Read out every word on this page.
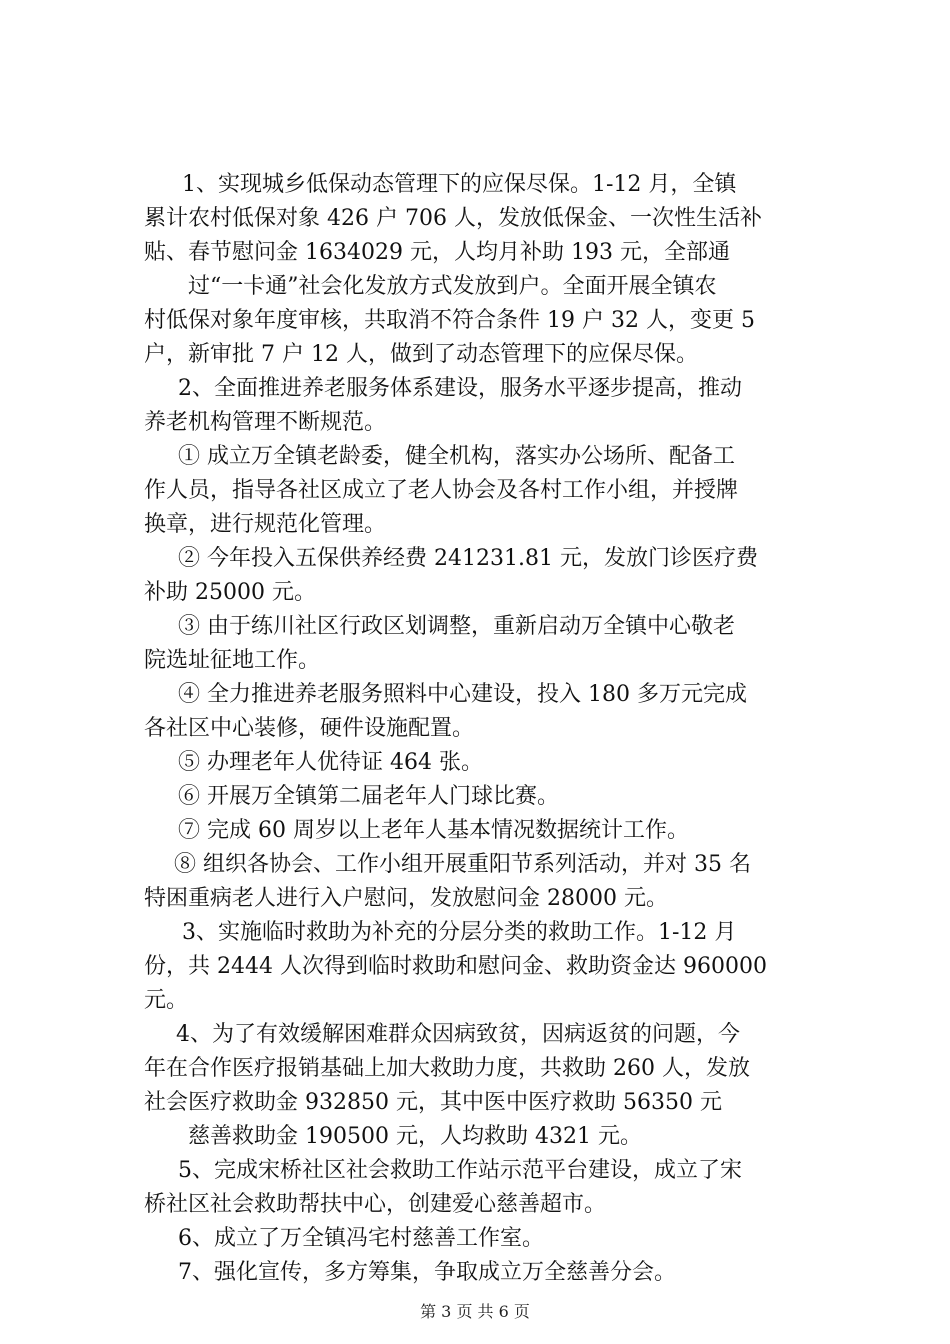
1、实现城乡低保动态管理下的应保尽保。1-12 月，全镇
累计农村低保对象 426 户 706 人，发放低保金、一次性生活补
贴、春节慰问金 1634029 元，人均月补助 193 元，全部通
过“一卡通”社会化发放方式发放到户。全面开展全镇农
村低保对象年度审核，共取消不符合条件 19 户 32 人，变更 5
户，新审批 7 户 12 人，做到了动态管理下的应保尽保。
2、全面推进养老服务体系建设，服务水平逐步提高，推动
养老机构管理不断规范。
① 成立万全镇老龄委，健全机构，落实办公场所、配备工
作人员，指导各社区成立了老人协会及各村工作小组，并授牌
换章，进行规范化管理。
② 今年投入五保供养经费 241231.81 元，发放门诊医疗费
补助 25000 元。
③ 由于练川社区行政区划调整，重新启动万全镇中心敬老
院选址征地工作。
④ 全力推进养老服务照料中心建设，投入 180 多万元完成
各社区中心装修，硬件设施配置。
⑤ 办理老年人优待证 464 张。
⑥ 开展万全镇第二届老年人门球比赛。
⑦ 完成 60 周岁以上老年人基本情况数据统计工作。
⑧ 组织各协会、工作小组开展重阳节系列活动，并对 35 名
特困重病老人进行入户慰问，发放慰问金 28000 元。
3、实施临时救助为补充的分层分类的救助工作。1-12 月
份，共 2444 人次得到临时救助和慰问金、救助资金达 960000
元。
4、为了有效缓解困难群众因病致贫，因病返贫的问题，今
年在合作医疗报销基础上加大救助力度，共救助 260 人，发放
社会医疗救助金 932850 元，其中医中医疗救助 56350 元
慈善救助金 190500 元，人均救助 4321 元。
5、完成宋桥社区社会救助工作站示范平台建设，成立了宋
桥社区社会救助帮扶中心，创建爱心慈善超市。
6、成立了万全镇冯宅村慈善工作室。
7、强化宣传，多方筹集，争取成立万全慈善分会。
第 3 页 共 6 页
